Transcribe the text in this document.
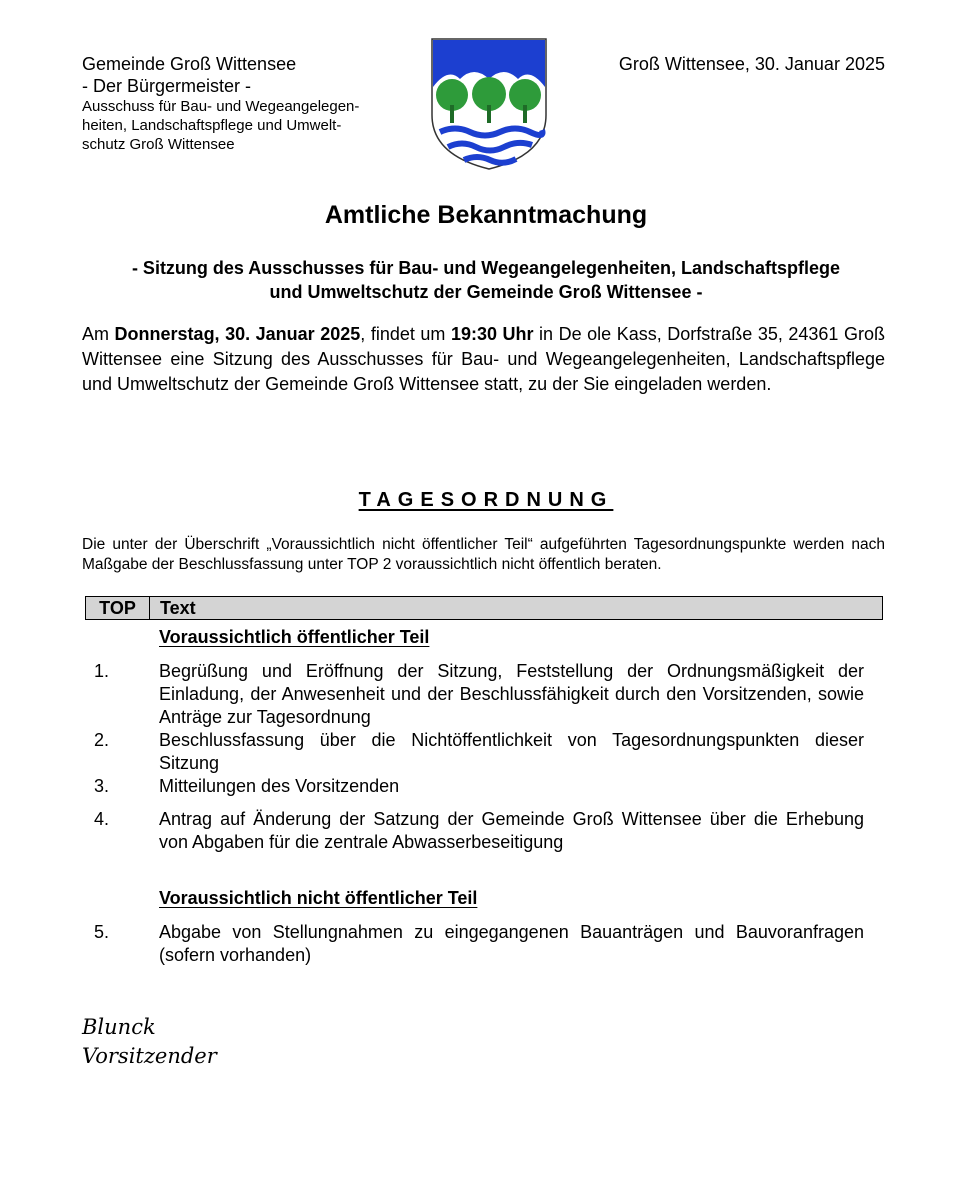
Gemeinde Groß Wittensee
- Der Bürgermeister -
Ausschuss für Bau- und Wegeangelegen-
heiten, Landschaftspflege und Umwelt-
schutz Groß Wittensee
Groß Wittensee, 30. Januar 2025
Amtliche Bekanntmachung
- Sitzung des Ausschusses für Bau- und Wegeangelegenheiten, Landschaftspflege
und Umweltschutz der Gemeinde Groß Wittensee -
Am Donnerstag, 30. Januar 2025, findet um 19:30 Uhr in De ole Kass, Dorfstraße 35, 24361 Groß Wittensee eine Sitzung des Ausschusses für Bau- und Wegeangelegenheiten, Landschaftspflege und Umweltschutz der Gemeinde Groß Wittensee statt, zu der Sie eingeladen werden.
TAGESORDNUNG
Die unter der Überschrift „Voraussichtlich nicht öffentlicher Teil“ aufgeführten Tagesordnungspunkte werden nach Maßgabe der Beschlussfassung unter TOP 2 voraussichtlich nicht öffentlich beraten.
TOP	Text
Voraussichtlich öffentlicher Teil
1.	Begrüßung und Eröffnung der Sitzung, Feststellung der Ordnungsmäßigkeit der Einladung, der Anwesenheit und der Beschlussfähigkeit durch den Vorsitzenden, sowie Anträge zur Tagesordnung
2.	Beschlussfassung über die Nichtöffentlichkeit von Tagesordnungspunkten dieser Sitzung
3.	Mitteilungen des Vorsitzenden
4.	Antrag auf Änderung der Satzung der Gemeinde Groß Wittensee über die Erhebung von Abgaben für die zentrale Abwasserbeseitigung
Voraussichtlich nicht öffentlicher Teil
5.	Abgabe von Stellungnahmen zu eingegangenen Bauanträgen und Bauvoranfragen (sofern vorhanden)
Blunck
Vorsitzender
